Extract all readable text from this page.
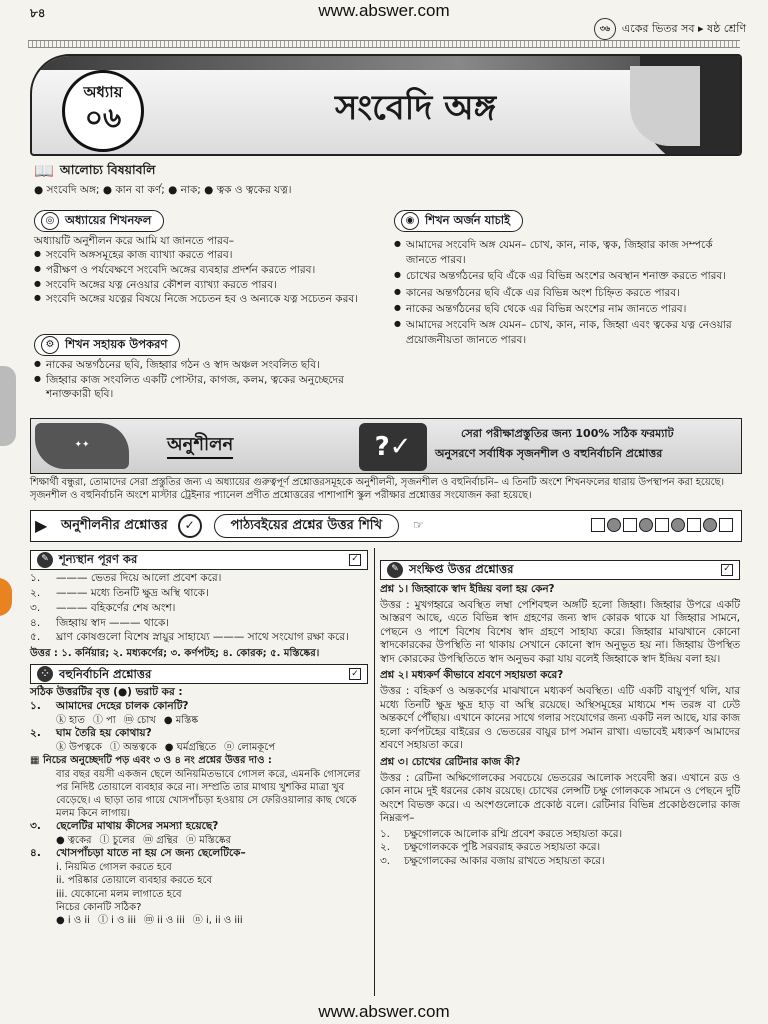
www.abswer.com
৮৪
৩৬	একের ভিতর সব ▸ ষষ্ঠ শ্রেণি
অধ্যায়
০৬	সংবেদি অঙ্গ
📖 আলোচ্য বিষয়াবলি
● সংবেদি অঙ্গ; ● কান বা কর্ণ; ● নাক; ● ত্বক ও ত্বকের যত্ন।
◎ অধ্যায়ের শিখনফল
অধ্যায়টি অনুশীলন করে আমি যা জানতে পারব–
● সংবেদি অঙ্গসমূহের কাজ ব্যাখ্যা করতে পারব।
● পরীক্ষণ ও পর্যবেক্ষণে সংবেদি অঙ্গের ব্যবহার প্রদর্শন করতে পারব।
● সংবেদি অঙ্গের যত্ন নেওয়ার কৌশল ব্যাখ্যা করতে পারব।
● সংবেদি অঙ্গের যত্নের বিষয়ে নিজে সচেতন হব ও অন্যকে যত্ন সচেতন করব।
⚙ শিখন সহায়ক উপকরণ
● নাকের অন্তর্গঠনের ছবি, জিহ্বার গঠন ও স্বাদ অঞ্চল সংবলিত ছবি।
● জিহ্বার কাজ সংবলিত একটি পোস্টার, কাগজ, কলম, ত্বকের অনুচ্ছেদের শনাক্তকারী ছবি।
◉ শিখন অর্জন যাচাই
● আমাদের সংবেদি অঙ্গ যেমন– চোখ, কান, নাক, ত্বক, জিহ্বার কাজ সম্পর্কে জানতে পারব।
● চোখের অন্তর্গঠনের ছবি এঁকে এর বিভিন্ন অংশের অবস্থান শনাক্ত করতে পারব।
● কানের অন্তর্গঠনের ছবি এঁকে এর বিভিন্ন অংশ চিহ্নিত করতে পারব।
● নাকের অন্তর্গঠনের ছবি থেকে এর বিভিন্ন অংশের নাম জানতে পারব।
● আমাদের সংবেদি অঙ্গ যেমন– চোখ, কান, নাক, জিহ্বা এবং ত্বকের যত্ন নেওয়ার প্রয়োজনীয়তা জানতে পারব।
✦✦	অনুশীলন	?✓	সেরা পরীক্ষাপ্রস্তুতির জন্য 100% সঠিক ফরম্যাট
অনুসরণে সর্বাধিক সৃজনশীল ও বহুনির্বাচনি প্রশ্নোত্তর
শিক্ষার্থী বন্ধুরা, তোমাদের সেরা প্রস্তুতির জন্য এ অধ্যায়ের গুরুত্বপূর্ণ প্রশ্নোত্তরসমূহকে অনুশীলনী, সৃজনশীল ও বহুনির্বাচনি– এ তিনটি অংশে শিখনফলের ধারায় উপস্থাপন করা হয়েছে। সৃজনশীল ও বহুনির্বাচনি অংশে মাস্টার ট্রেইনার প্যানেল প্রণীত প্রশ্নোত্তরের পাশাপাশি স্কুল পরীক্ষার প্রশ্নোত্তর সংযোজন করা হয়েছে।
▶	অনুশীলনীর প্রশ্নোত্তর	✓	পাঠ্যবইয়ের প্রশ্নের উত্তর শিখি	☞
✎ শূন্যস্থান পূরণ কর	✓
১.	——— ভেতর দিয়ে আলো প্রবেশ করে।
২.	——— মধ্যে তিনটি ক্ষুদ্র অস্থি থাকে।
৩.	——— বহিকর্ণের শেষ অংশ।
৪.	জিহ্বায় স্বাদ ——— থাকে।
৫.	ঘ্রাণ কোষগুলো বিশেষ স্নায়ুর সাহায্যে ——— সাথে সংযোগ রক্ষা করে।
উত্তর : ১. কর্নিয়ার; ২. মধ্যকর্ণের; ৩. কর্ণপটহ; ৪. কোরক; ৫. মস্তিষ্কের।
⁘ বহুনির্বাচনি প্রশ্নোত্তর	✓
সঠিক উত্তরটির বৃত্ত (●) ভরাট কর :
১. আমাদের দেহের চালক কোনটি?
ⓚ হাত ⓛ পা ⓜ চোখ ● মস্তিষ্ক
২. ঘাম তৈরি হয় কোথায়?
ⓚ উপত্বকে ⓛ অন্তত্বকে ● ঘর্মগ্রন্থিতে ⓝ লোমকূপে
▦ নিচের অনুচ্ছেদটি পড় এবং ৩ ও ৪ নং প্রশ্নের উত্তর দাও :
বার বছর বয়সী একজন ছেলে অনিয়মিতভাবে গোসল করে, এমনকি গোসলের পর নিদিষ্ট তোয়ালে ব্যবহার করে না। সম্প্রতি তার মাথায় খুশকির মাত্রা খুব বেড়েছে। এ ছাড়া তার গায়ে খোসপাঁচড়া হওয়ায় সে ফেরিওয়ালার কাছ থেকে মলম কিনে লাগায়।
৩. ছেলেটির মাথায় কীসের সমস্যা হয়েছে?
● ত্বকের ⓛ চুলের ⓜ গ্রন্থির ⓝ মস্তিষ্কের
৪. খোসপাঁচড়া যাতে না হয় সে জন্য ছেলেটিকে–
i. নিয়মিত গোসল করতে হবে
ii. পরিষ্কার তোয়ালে ব্যবহার করতে হবে
iii. যেকোনো মলম লাগাতে হবে
নিচের কোনটি সঠিক?
● i ও ii ⓛ i ও iii ⓜ ii ও iii ⓝ i, ii ও iii
✎ সংক্ষিপ্ত উত্তর প্রশ্নোত্তর	✓

প্রশ্ন ১। জিহ্বাকে স্বাদ ইন্দ্রিয় বলা হয় কেন?

উত্তর : মুখগহ্বরে অবস্থিত লম্বা পেশিবহুল অঙ্গটি হলো জিহ্বা। জিহ্বার উপরে একটি আস্তরণ আছে, এতে বিভিন্ন স্বাদ গ্রহণের জন্য স্বাদ কোরক থাকে যা জিহ্বার সামনে, পেছনে ও পাশে বিশেষ বিশেষ স্বাদ গ্রহণে সাহায্য করে। জিহ্বার মাঝখানে কোনো স্বাদকোরকের উপস্থিতি না থাকায় সেখানে কোনো স্বাদ অনুভূত হয় না। জিহ্বায় উপস্থিত স্বাদ কোরকের উপস্থিতিতে স্বাদ অনুভব করা যায় বলেই জিহ্বাকে স্বাদ ইন্দ্রিয় বলা হয়।

প্রশ্ন ২। মধ্যকর্ণ কীভাবে শ্রবণে সহায়তা করে?

উত্তর : বহিকর্ণ ও অন্তকর্ণের মাঝখানে মধ্যকর্ণ অবস্থিত। এটি একটি বায়ুপূর্ণ থলি, যার মধ্যে তিনটি ক্ষুদ্র ক্ষুদ্র হাড় বা অস্থি রয়েছে। অস্থিসমূহের মাধ্যমে শব্দ তরঙ্গ বা ঢেউ অন্তকর্ণে পৌঁছায়। এখানে কানের সাথে গলার সংযোগের জন্য একটি নল আছে, যার কাজ হলো কর্ণপটহের বাইরের ও ভেতরের বায়ুর চাপ সমান রাখা। এভাবেই মধ্যকর্ণ আমাদের শ্রবণে সহায়তা করে।

প্রশ্ন ৩। চোখের রেটিনার কাজ কী?

উত্তর : রেটিনা অক্ষিগোলকের সবচেয়ে ভেতরের আলোক সংবেদী স্তর। এখানে রড ও কোন নামে দুই ধরনের কোষ রয়েছে। চোখের লেন্সটি চক্ষু গোলককে সামনে ও পেছনে দুটি অংশে বিভক্ত করে। এ অংশগুলোকে প্রকোষ্ঠ বলে। রেটিনার বিভিন্ন প্রকোষ্ঠগুলোর কাজ নিম্নরূপ–

১.	চক্ষুগোলকে আলোক রশ্মি প্রবেশ করতে সহায়তা করে।
২.	চক্ষুগোলককে পুষ্টি সরবরাহ করতে সহায়তা করে।
৩.	চক্ষুগোলকের আকার বজায় রাখতে সহায়তা করে।
www.abswer.com
